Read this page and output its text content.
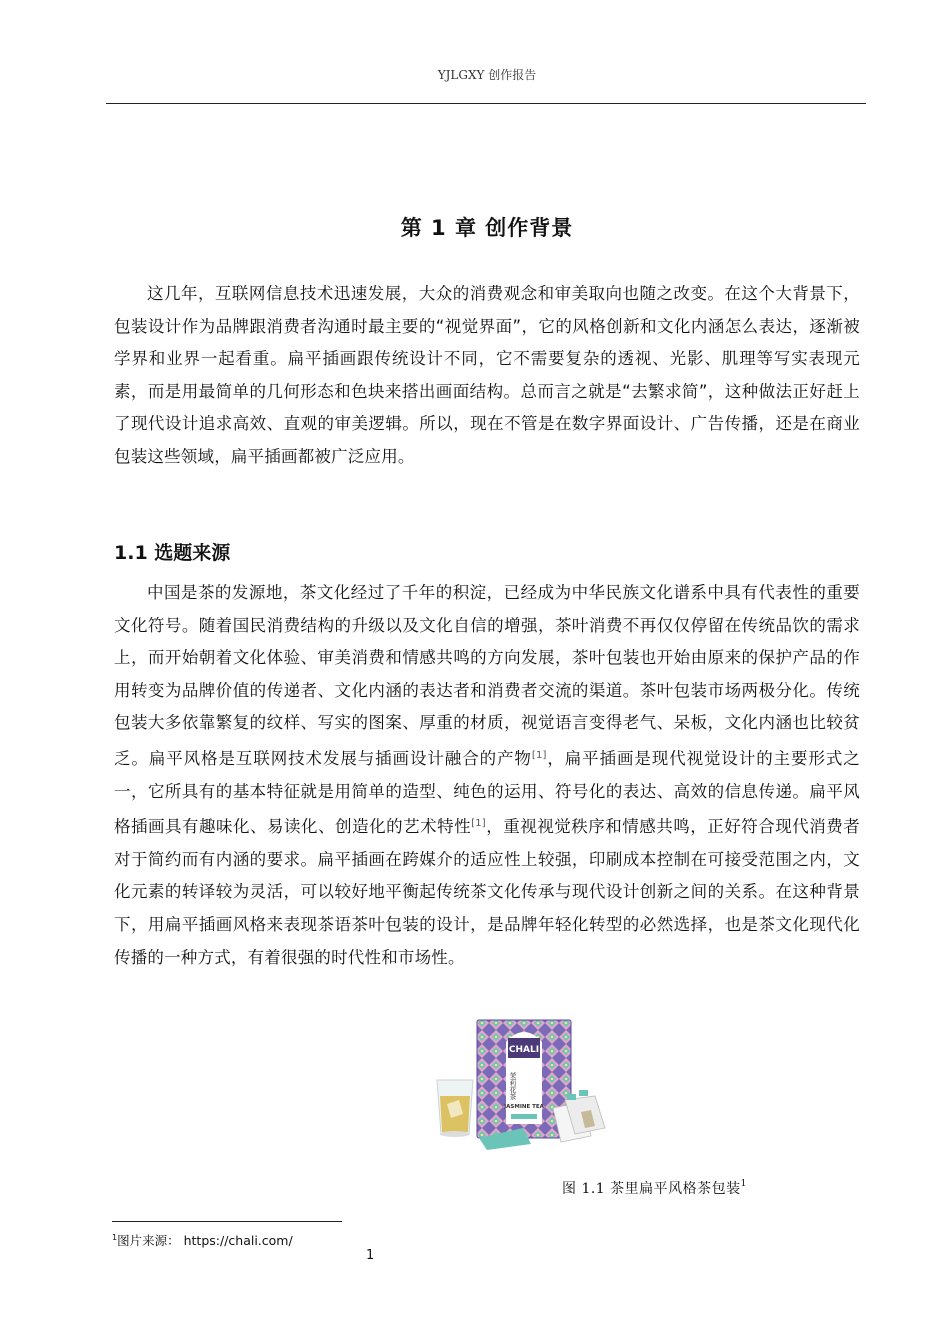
YJLGXY 创作报告
第 1 章 创作背景

这几年，互联网信息技术迅速发展，大众的消费观念和审美取向也随之改变。在这个大背景下，包装设计作为品牌跟消费者沟通时最主要的“视觉界面”，它的风格创新和文化内涵怎么表达，逐渐被学界和业界一起看重。扁平插画跟传统设计不同，它不需要复杂的透视、光影、肌理等写实表现元素，而是用最简单的几何形态和色块来搭出画面结构。总而言之就是“去繁求简”，这种做法正好赶上了现代设计追求高效、直观的审美逻辑。所以，现在不管是在数字界面设计、广告传播，还是在商业包装这些领域，扁平插画都被广泛应用。

1.1 选题来源

中国是茶的发源地，茶文化经过了千年的积淀，已经成为中华民族文化谱系中具有代表性的重要文化符号。随着国民消费结构的升级以及文化自信的增强，茶叶消费不再仅仅停留在传统品饮的需求上，而开始朝着文化体验、审美消费和情感共鸣的方向发展，茶叶包装也开始由原来的保护产品的作用转变为品牌价值的传递者、文化内涵的表达者和消费者交流的渠道。茶叶包装市场两极分化。传统包装大多依靠繁复的纹样、写实的图案、厚重的材质，视觉语言变得老气、呆板，文化内涵也比较贫乏。扁平风格是互联网技术发展与插画设计融合的产物[1]，扁平插画是现代视觉设计的主要形式之一，它所具有的基本特征就是用简单的造型、纯色的运用、符号化的表达、高效的信息传递。扁平风格插画具有趣味化、易读化、创造化的艺术特性[1]，重视视觉秩序和情感共鸣，正好符合现代消费者对于简约而有内涵的要求。扁平插画在跨媒介的适应性上较强，印刷成本控制在可接受范围之内，文化元素的转译较为灵活，可以较好地平衡起传统茶文化传承与现代设计创新之间的关系。在这种背景下，用扁平插画风格来表现茶语茶叶包装的设计，是品牌年轻化转型的必然选择，也是茶文化现代化传播的一种方式，有着很强的时代性和市场性。

CHALI
茉莉花茶
JASMINE TEA
图 1.1 茶里扁平风格茶包装$^1$
$^1$图片来源： https://chali.com/
1
